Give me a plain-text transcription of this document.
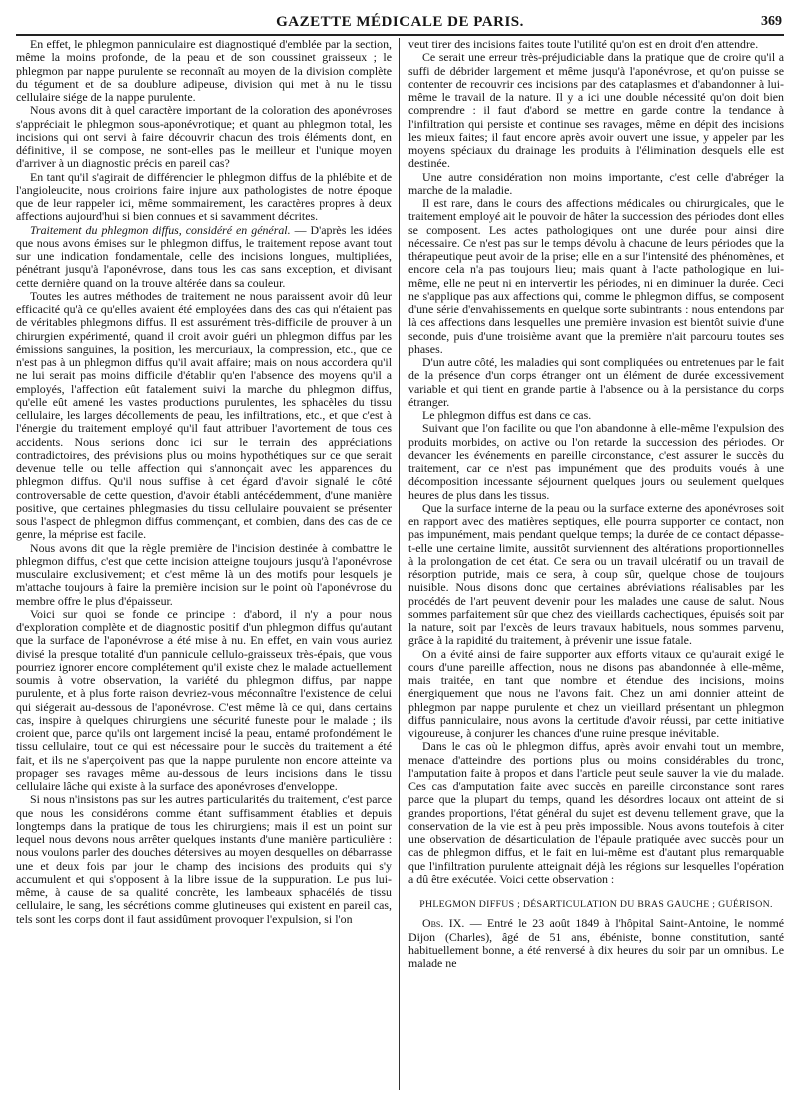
GAZETTE MÉDICALE DE PARIS.	369

En effet, le phlegmon panniculaire est diagnostiqué d'emblée par la section, même la moins profonde, de la peau et de son coussinet graisseux ; le phlegmon par nappe purulente se reconnaît au moyen de la division complète du tégument et de sa doublure adipeuse, division qui met à nu le tissu cellulaire siége de la nappe purulente.

Nous avons dit à quel caractère important de la coloration des aponévroses s'appréciait le phlegmon sous-aponévrotique; et quant au phlegmon total, les incisions qui ont servi à faire découvrir chacun des trois éléments dont, en définitive, il se compose, ne sont-elles pas le meilleur et l'unique moyen d'arriver à un diagnostic précis en pareil cas?

En tant qu'il s'agirait de différencier le phlegmon diffus de la phlébite et de l'angioleucite, nous croirions faire injure aux pathologistes de notre époque que de leur rappeler ici, même sommairement, les caractères propres à deux affections aujourd'hui si bien connues et si savamment décrites.

Traitement du phlegmon diffus, considéré en général. — D'après les idées que nous avons émises sur le phlegmon diffus, le traitement repose avant tout sur une indication fondamentale, celle des incisions longues, multipliées, pénétrant jusqu'à l'aponévrose, dans tous les cas sans exception, et divisant cette dernière quand on la trouve altérée dans sa couleur.

Toutes les autres méthodes de traitement ne nous paraissent avoir dû leur efficacité qu'à ce qu'elles avaient été employées dans des cas qui n'étaient pas de véritables phlegmons diffus. Il est assurément très-difficile de prouver à un chirurgien expérimenté, quand il croit avoir guéri un phlegmon diffus par les émissions sanguines, la position, les mercuriaux, la compression, etc., que ce n'est pas à un phlegmon diffus qu'il avait affaire; mais on nous accordera qu'il ne lui serait pas moins difficile d'établir qu'en l'absence des moyens qu'il a employés, l'affection eût fatalement suivi la marche du phlegmon diffus, qu'elle eût amené les vastes productions purulentes, les sphacèles du tissu cellulaire, les larges décollements de peau, les infiltrations, etc., et que c'est à l'énergie du traitement employé qu'il faut attribuer l'avortement de tous ces accidents. Nous serions donc ici sur le terrain des appréciations contradictoires, des prévisions plus ou moins hypothétiques sur ce que serait devenue telle ou telle affection qui s'annonçait avec les apparences du phlegmon diffus. Qu'il nous suffise à cet égard d'avoir signalé le côté controversable de cette question, d'avoir établi antécédemment, d'une manière positive, que certaines phlegmasies du tissu cellulaire pouvaient se présenter sous l'aspect de phlegmon diffus commençant, et combien, dans des cas de ce genre, la méprise est facile.

Nous avons dit que la règle première de l'incision destinée à combattre le phlegmon diffus, c'est que cette incision atteigne toujours jusqu'à l'aponévrose musculaire exclusivement; et c'est même là un des motifs pour lesquels je m'attache toujours à faire la première incision sur le point où l'aponévrose du membre offre le plus d'épaisseur.

Voici sur quoi se fonde ce principe : d'abord, il n'y a pour nous d'exploration complète et de diagnostic positif d'un phlegmon diffus qu'autant que la surface de l'aponévrose a été mise à nu. En effet, en vain vous auriez divisé la presque totalité d'un pannicule cellulo-graisseux très-épais, que vous pourriez ignorer encore complétement qu'il existe chez le malade actuellement soumis à votre observation, la variété du phlegmon diffus, par nappe purulente, et à plus forte raison devriez-vous méconnaître l'existence de celui qui siégerait au-dessous de l'aponévrose. C'est même là ce qui, dans certains cas, inspire à quelques chirurgiens une sécurité funeste pour le malade ; ils croient que, parce qu'ils ont largement incisé la peau, entamé profondément le tissu cellulaire, tout ce qui est nécessaire pour le succès du traitement a été fait, et ils ne s'aperçoivent pas que la nappe purulente non encore atteinte va propager ses ravages même au-dessous de leurs incisions dans le tissu cellulaire lâche qui existe à la surface des aponévroses d'enveloppe.

Si nous n'insistons pas sur les autres particularités du traitement, c'est parce que nous les considérons comme étant suffisamment établies et depuis longtemps dans la pratique de tous les chirurgiens; mais il est un point sur lequel nous devons nous arrêter quelques instants d'une manière particulière : nous voulons parler des douches détersives au moyen desquelles on débarrasse une et deux fois par jour le champ des incisions des produits qui s'y accumulent et qui s'opposent à la libre issue de la suppuration. Le pus lui-même, à cause de sa qualité concrète, les lambeaux sphacélés de tissu cellulaire, le sang, les sécrétions comme glutineuses qui existent en pareil cas, tels sont les corps dont il faut assidûment provoquer l'expulsion, si l'on

veut tirer des incisions faites toute l'utilité qu'on est en droit d'en attendre.

Ce serait une erreur très-préjudiciable dans la pratique que de croire qu'il a suffi de débrider largement et même jusqu'à l'aponévrose, et qu'on puisse se contenter de recouvrir ces incisions par des cataplasmes et d'abandonner à lui-même le travail de la nature. Il y a ici une double nécessité qu'on doit bien comprendre : il faut d'abord se mettre en garde contre la tendance à l'infiltration qui persiste et continue ses ravages, même en dépit des incisions les mieux faites; il faut encore après avoir ouvert une issue, y appeler par les moyens spéciaux du drainage les produits à l'élimination desquels elle est destinée.

Une autre considération non moins importante, c'est celle d'abréger la marche de la maladie.

Il est rare, dans le cours des affections médicales ou chirurgicales, que le traitement employé ait le pouvoir de hâter la succession des périodes dont elles se composent. Les actes pathologiques ont une durée pour ainsi dire nécessaire. Ce n'est pas sur le temps dévolu à chacune de leurs périodes que la thérapeutique peut avoir de la prise; elle en a sur l'intensité des phénomènes, et encore cela n'a pas toujours lieu; mais quant à l'acte pathologique en lui-même, elle ne peut ni en intervertir les périodes, ni en diminuer la durée. Ceci ne s'applique pas aux affections qui, comme le phlegmon diffus, se composent d'une série d'envahissements en quelque sorte subintrants : nous entendons par là ces affections dans lesquelles une première invasion est bientôt suivie d'une seconde, puis d'une troisième avant que la première n'ait parcouru toutes ses phases.

D'un autre côté, les maladies qui sont compliquées ou entretenues par le fait de la présence d'un corps étranger ont un élément de durée excessivement variable et qui tient en grande partie à l'absence ou à la persistance du corps étranger.

Le phlegmon diffus est dans ce cas.

Suivant que l'on facilite ou que l'on abandonne à elle-même l'expulsion des produits morbides, on active ou l'on retarde la succession des périodes. Or devancer les événements en pareille circonstance, c'est assurer le succès du traitement, car ce n'est pas impunément que des produits voués à une décomposition incessante séjournent quelques jours ou seulement quelques heures de plus dans les tissus.

Que la surface interne de la peau ou la surface externe des aponévroses soit en rapport avec des matières septiques, elle pourra supporter ce contact, non pas impunément, mais pendant quelque temps; la durée de ce contact dépasse-t-elle une certaine limite, aussitôt surviennent des altérations proportionnelles à la prolongation de cet état. Ce sera ou un travail ulcératif ou un travail de résorption putride, mais ce sera, à coup sûr, quelque chose de toujours nuisible. Nous disons donc que certaines abréviations réalisables par les procédés de l'art peuvent devenir pour les malades une cause de salut. Nous sommes parfaitement sûr que chez des vieillards cachectiques, épuisés soit par la nature, soit par l'excès de leurs travaux habituels, nous sommes parvenu, grâce à la rapidité du traitement, à prévenir une issue fatale.

On a évité ainsi de faire supporter aux efforts vitaux ce qu'aurait exigé le cours d'une pareille affection, nous ne disons pas abandonnée à elle-même, mais traitée, en tant que nombre et étendue des incisions, moins énergiquement que nous ne l'avons fait. Chez un ami donnier atteint de phlegmon par nappe purulente et chez un vieillard présentant un phlegmon diffus panniculaire, nous avons la certitude d'avoir réussi, par cette initiative vigoureuse, à conjurer les chances d'une ruine presque inévitable.

Dans le cas où le phlegmon diffus, après avoir envahi tout un membre, menace d'atteindre des portions plus ou moins considérables du tronc, l'amputation faite à propos et dans l'article peut seule sauver la vie du malade. Ces cas d'amputation faite avec succès en pareille circonstance sont rares parce que la plupart du temps, quand les désordres locaux ont atteint de si grandes proportions, l'état général du sujet est devenu tellement grave, que la conservation de la vie est à peu près impossible. Nous avons toutefois à citer une observation de désarticulation de l'épaule pratiquée avec succès pour un cas de phlegmon diffus, et le fait en lui-même est d'autant plus remarquable que l'infiltration purulente atteignait déjà les régions sur lesquelles l'opération a dû être exécutée. Voici cette observation :

PHLEGMON DIFFUS ; DÉSARTICULATION DU BRAS GAUCHE ; GUÉRISON.

Obs. IX. — Entré le 23 août 1849 à l'hôpital Saint-Antoine, le nommé Dijon (Charles), âgé de 51 ans, ébéniste, bonne constitution, santé habituellement bonne, a été renversé à dix heures du soir par un omnibus. Le malade ne
